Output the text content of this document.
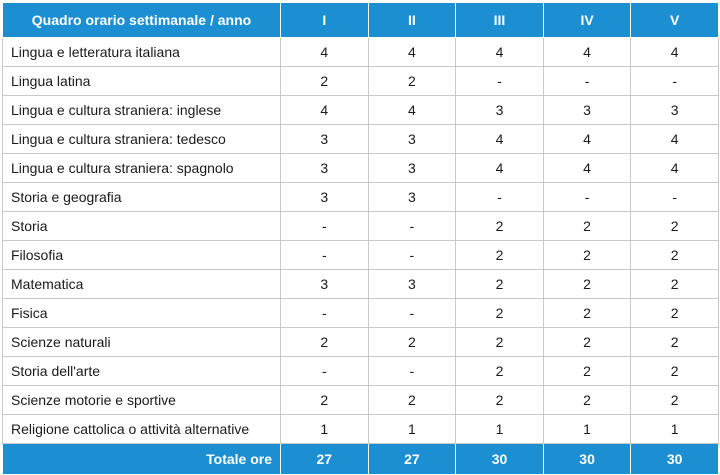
Quadro orario settimanale / anno	I	II	III	IV	V
Lingua e letteratura italiana	4	4	4	4	4
Lingua latina	2	2	-	-	-
Lingua e cultura straniera: inglese	4	4	3	3	3
Lingua e cultura straniera: tedesco	3	3	4	4	4
Lingua e cultura straniera: spagnolo	3	3	4	4	4
Storia e geografia	3	3	-	-	-
Storia	-	-	2	2	2
Filosofia	-	-	2	2	2
Matematica	3	3	2	2	2
Fisica	-	-	2	2	2
Scienze naturali	2	2	2	2	2
Storia dell'arte	-	-	2	2	2
Scienze motorie e sportive	2	2	2	2	2
Religione cattolica o attività alternative	1	1	1	1	1
Totale ore	27	27	30	30	30
